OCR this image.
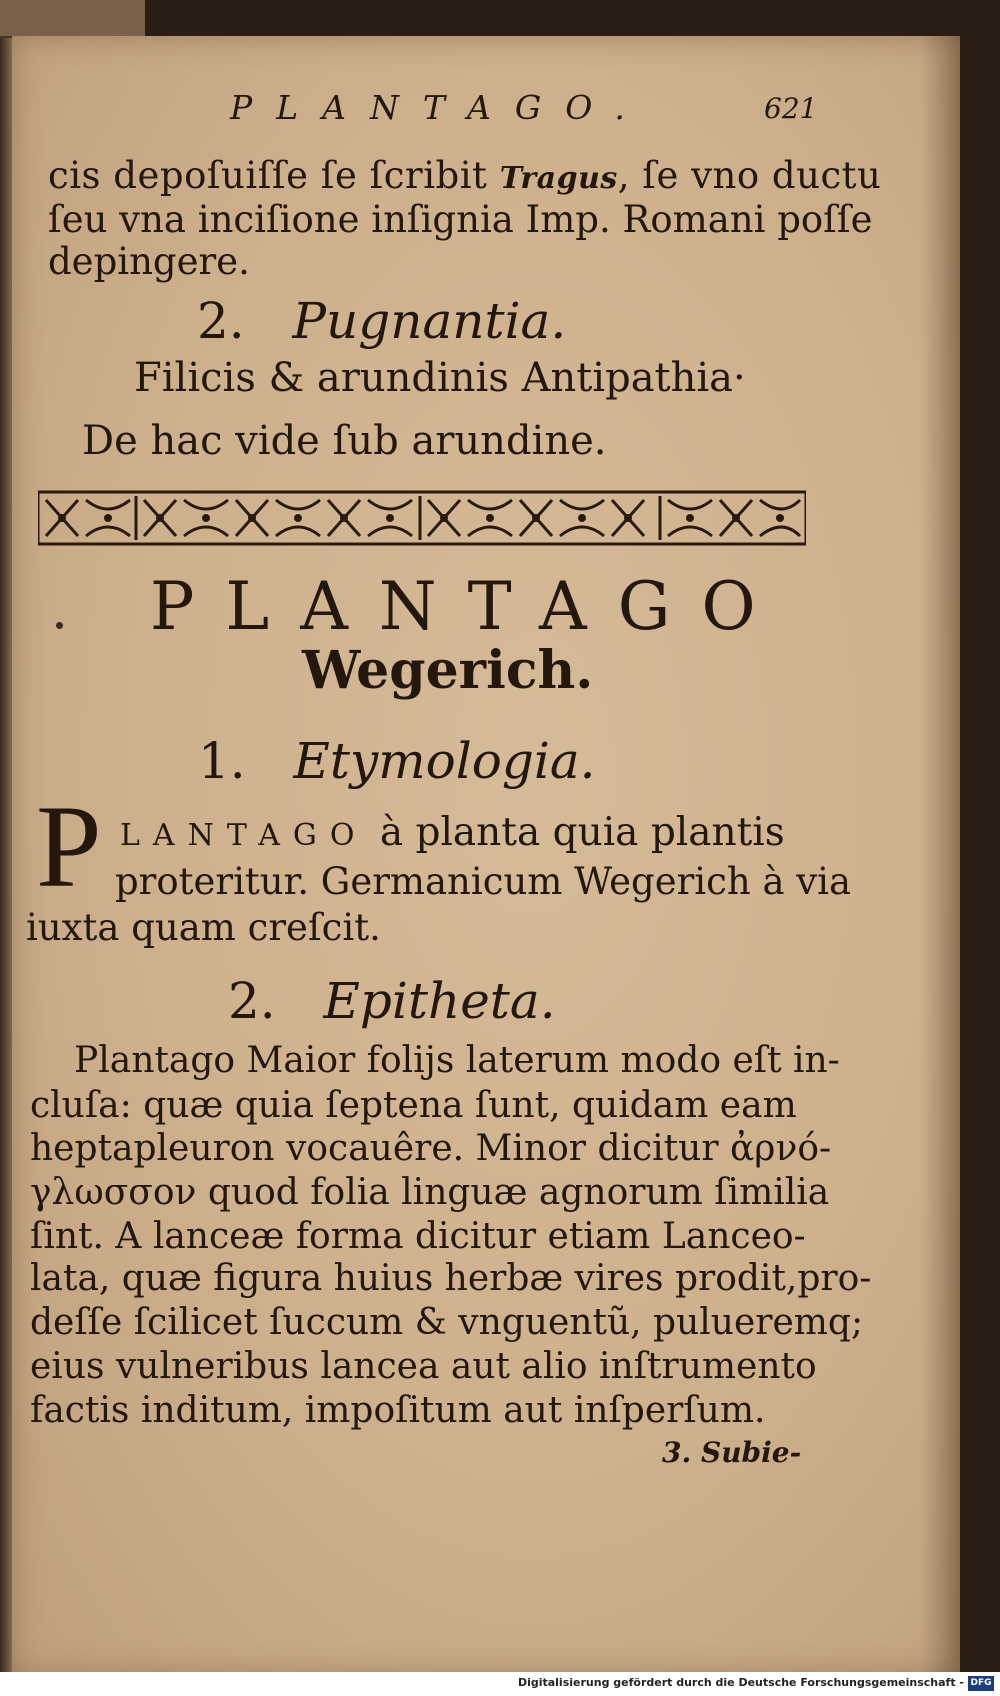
PLANTAGO.	621

cis depoſuiſſe ſe ſcribit Tragus, ſe vno ductu

ſeu vna inciſione inſignia Imp. Romani poſſe

depingere.

2. Pugnantia.

Filicis & arundinis Antipathia·

De hac vide ſub arundine.

PLANTAGO

Wegerich.

1. Etymologia.

P LANTAGO à planta quia plantis

proteritur. Germanicum Wegerich à via

iuxta quam creſcit.

2. Epitheta.

Plantago Maior folijs laterum modo eſt in-

cluſa: quæ quia ſeptena ſunt, quidam eam

heptapleuron vocauêre. Minor dicitur ἀρνό-

γλωσσον quod folia linguæ agnorum ſimilia

ſint. A lanceæ forma dicitur etiam Lanceo-

lata, quæ figura huius herbæ vires prodit,pro-

deſſe ſcilicet ſuccum & vnguentũ, pulueremq;

eius vulneribus lancea aut alio inſtrumento

factis inditum, impoſitum aut inſperſum.

3. Subie-

Digitalisierung gefördert durch die Deutsche Forschungsgemeinschaft - DFG
